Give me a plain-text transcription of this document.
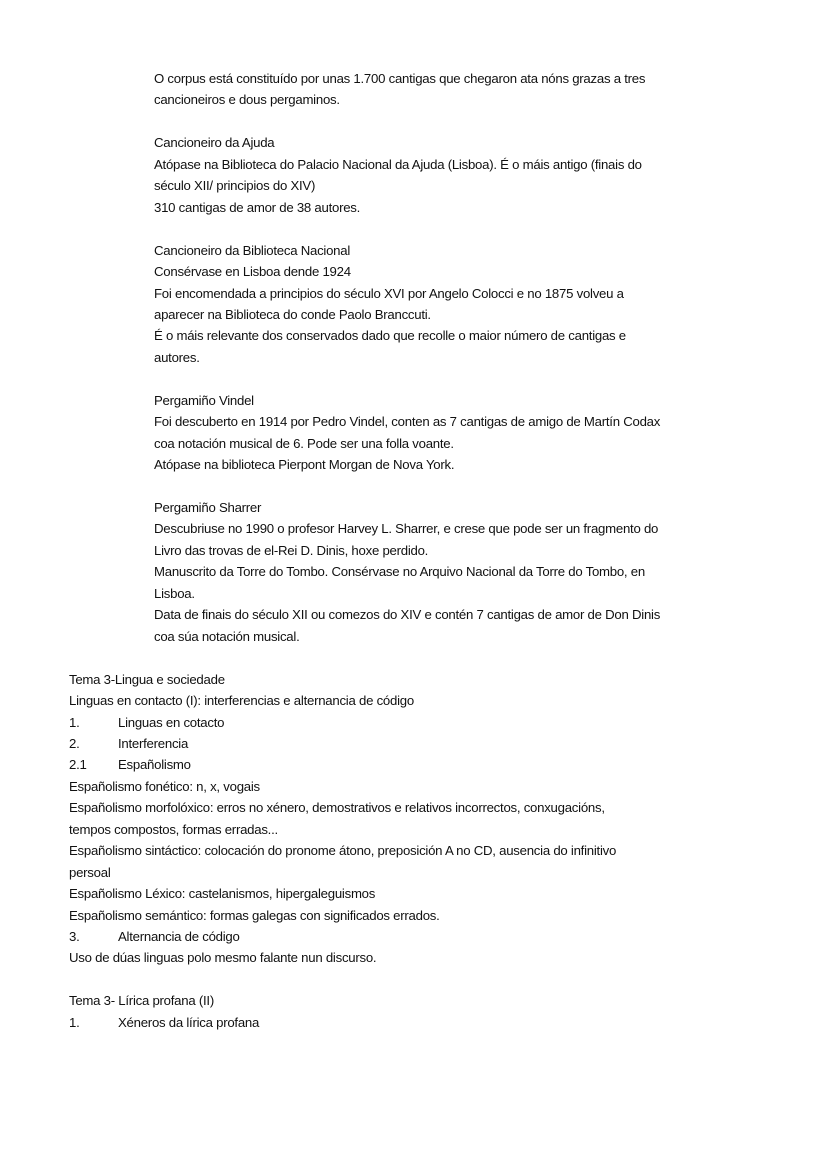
O corpus está constituído por unas 1.700 cantigas que chegaron ata nóns grazas a tres
cancioneiros e dous pergaminos.
Cancioneiro da Ajuda
Atópase na Biblioteca do Palacio Nacional da Ajuda (Lisboa). É o máis antigo (finais do
século XII/ principios do XIV)
310 cantigas de amor de 38 autores.
Cancioneiro da Biblioteca Nacional
Consérvase en Lisboa dende 1924
Foi encomendada a principios do século XVI por Angelo Colocci e no 1875 volveu a
aparecer na Biblioteca do conde Paolo Branccuti.
É o máis relevante dos conservados dado que recolle o maior número de cantigas e
autores.
Pergamiño Vindel
Foi descuberto en 1914 por Pedro Vindel, conten as 7 cantigas de amigo de Martín Codax
coa notación musical de 6. Pode ser una folla voante.
Atópase na biblioteca Pierpont Morgan de Nova York.
Pergamiño Sharrer
Descubriuse no 1990 o profesor Harvey L. Sharrer, e crese que pode ser un fragmento do
Livro das trovas de el-Rei D. Dinis, hoxe perdido.
Manuscrito da Torre do Tombo. Consérvase no Arquivo Nacional da Torre do Tombo, en
Lisboa.
Data de finais do século XII ou comezos do XIV e contén 7 cantigas de amor de Don Dinis
coa súa notación musical.
Tema 3-Lingua e sociedade
Linguas en contacto (I): interferencias e alternancia de código
1.	Linguas en cotacto
2.	Interferencia
2.1 Españolismo
Españolismo fonético: n, x, vogais
Españolismo morfolóxico: erros no xénero, demostrativos e relativos incorrectos, conxugacións,
tempos compostos, formas erradas...
Españolismo sintáctico: colocación do pronome átono, preposición A no CD, ausencia do infinitivo
persoal
Españolismo Léxico: castelanismos, hipergaleguismos
Españolismo semántico: formas galegas con significados errados.
3.	Alternancia de código
Uso de dúas linguas polo mesmo falante nun discurso.
Tema 3- Lírica profana (II)
1.	Xéneros da lírica profana
